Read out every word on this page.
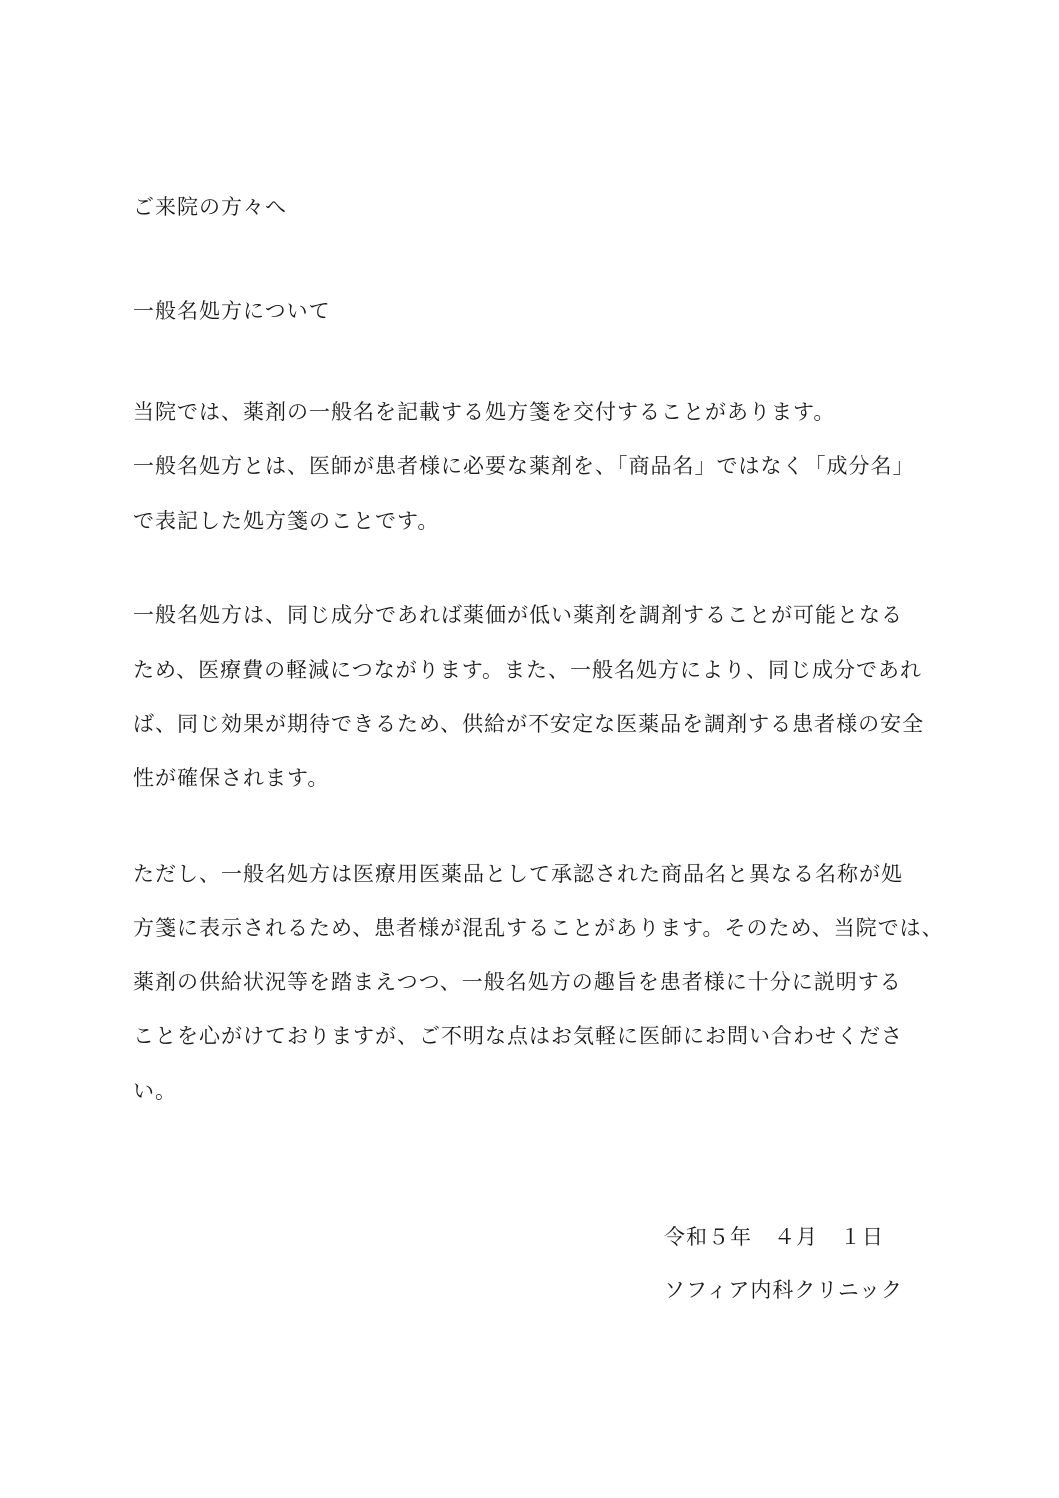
ご来院の方々へ
一般名処方について
当院では、薬剤の一般名を記載する処方箋を交付することがあります。
一般名処方とは、医師が患者様に必要な薬剤を、「商品名」ではなく「成分名」
で表記した処方箋のことです。
一般名処方は、同じ成分であれば薬価が低い薬剤を調剤することが可能となる
ため、医療費の軽減につながります。また、一般名処方により、同じ成分であれ
ば、同じ効果が期待できるため、供給が不安定な医薬品を調剤する患者様の安全
性が確保されます。
ただし、一般名処方は医療用医薬品として承認された商品名と異なる名称が処
方箋に表示されるため、患者様が混乱することがあります。そのため、当院では、
薬剤の供給状況等を踏まえつつ、一般名処方の趣旨を患者様に十分に説明する
ことを心がけておりますが、ご不明な点はお気軽に医師にお問い合わせくださ
い。
令和５年　４月　１日
ソフィア内科クリニック
